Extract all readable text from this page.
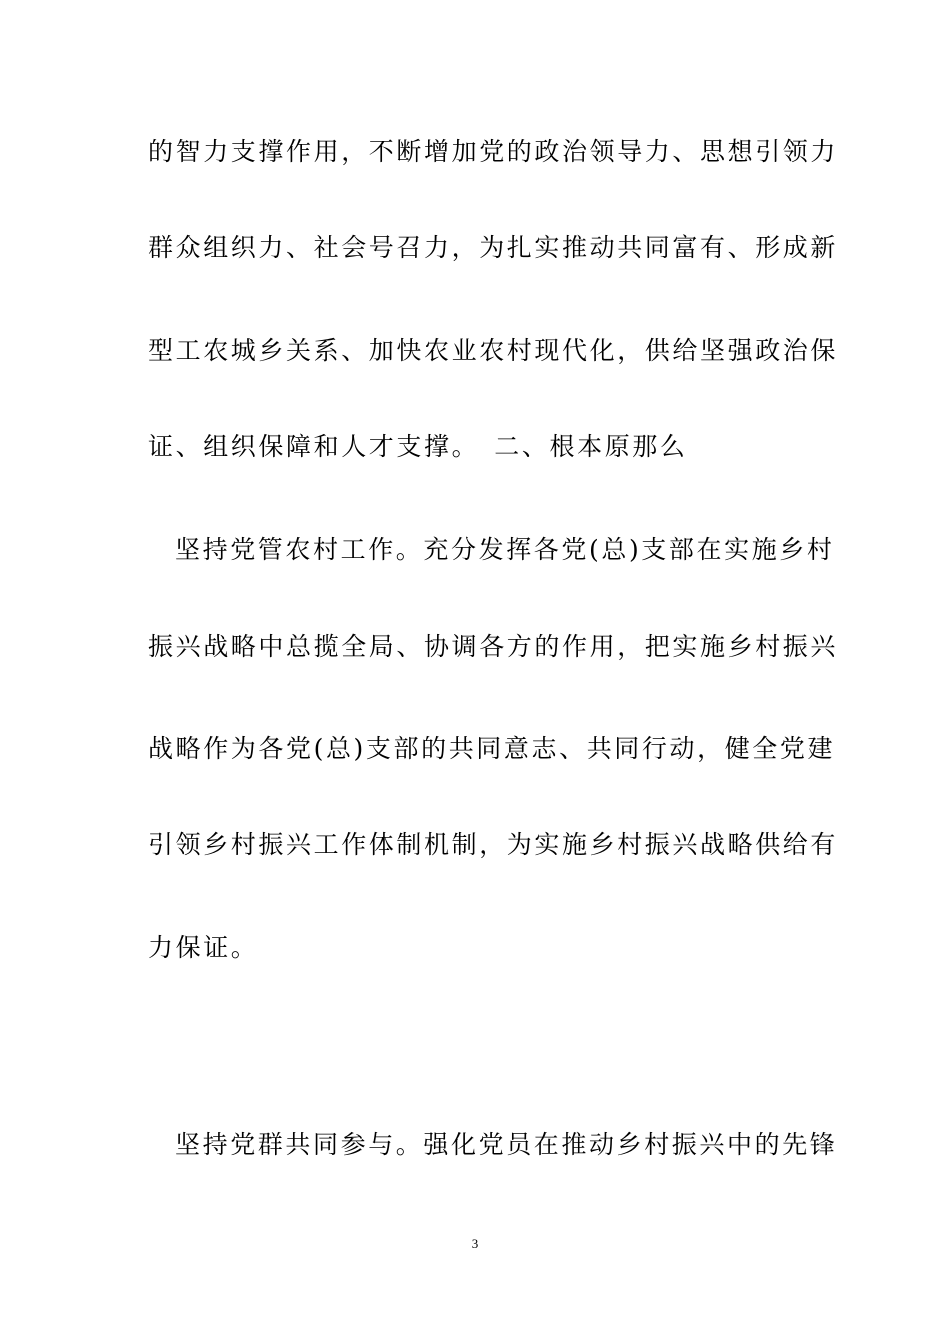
的智力支撑作用，不断增加党的政治领导力、思想引领力
群众组织力、社会号召力，为扎实推动共同富有、形成新
型工农城乡关系、加快农业农村现代化，供给坚强政治保
证、组织保障和人才支撑。　二、根本原那么
坚持党管农村工作。充分发挥各党(总)支部在实施乡村
振兴战略中总揽全局、协调各方的作用，把实施乡村振兴
战略作为各党(总)支部的共同意志、共同行动，健全党建
引领乡村振兴工作体制机制，为实施乡村振兴战略供给有
力保证。
坚持党群共同参与。强化党员在推动乡村振兴中的先锋
3
